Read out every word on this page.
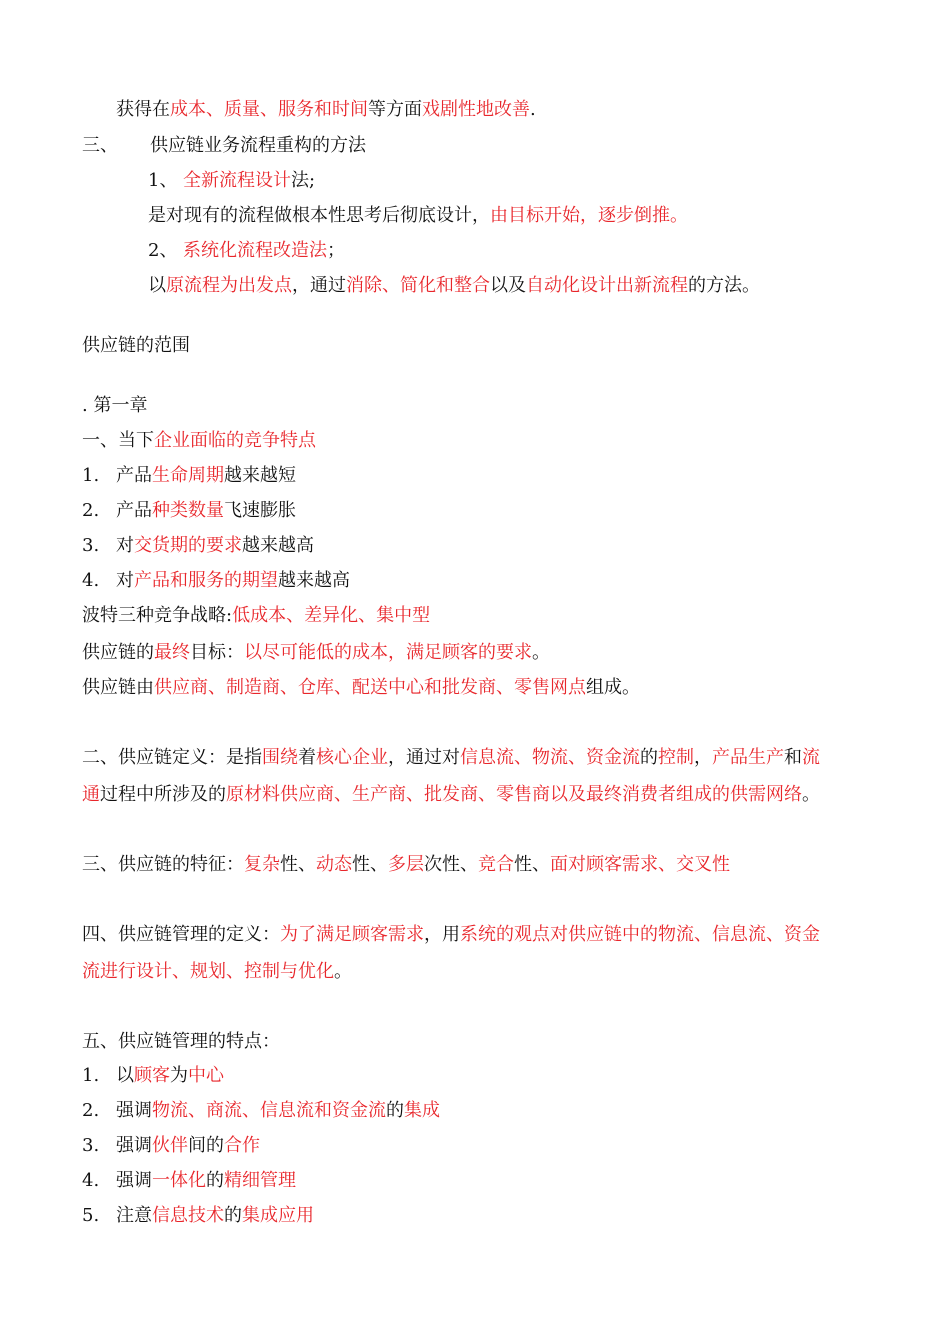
获得在成本、质量、服务和时间等方面戏剧性地改善.
三、 供应链业务流程重构的方法
1、 全新流程设计法;
是对现有的流程做根本性思考后彻底设计，由目标开始，逐步倒推。
2、 系统化流程改造法；
以原流程为出发点，通过消除、简化和整合以及自动化设计出新流程的方法。
供应链的范围
. 第一章
一、当下企业面临的竞争特点
1. 产品生命周期越来越短
2. 产品种类数量飞速膨胀
3. 对交货期的要求越来越高
4. 对产品和服务的期望越来越高
波特三种竞争战略:低成本、差异化、集中型
供应链的最终目标：以尽可能低的成本，满足顾客的要求。
供应链由供应商、制造商、仓库、配送中心和批发商、零售网点组成。
二、供应链定义：是指围绕着核心企业，通过对信息流、物流、资金流的控制，产品生产和流
通过程中所涉及的原材料供应商、生产商、批发商、零售商以及最终消费者组成的供需网络。
三、供应链的特征：复杂性、动态性、多层次性、竞合性、面对顾客需求、交叉性
四、供应链管理的定义：为了满足顾客需求，用系统的观点对供应链中的物流、信息流、资金
流进行设计、规划、控制与优化。
五、供应链管理的特点：
1. 以顾客为中心
2. 强调物流、商流、信息流和资金流的集成
3. 强调伙伴间的合作
4. 强调一体化的精细管理
5. 注意信息技术的集成应用
